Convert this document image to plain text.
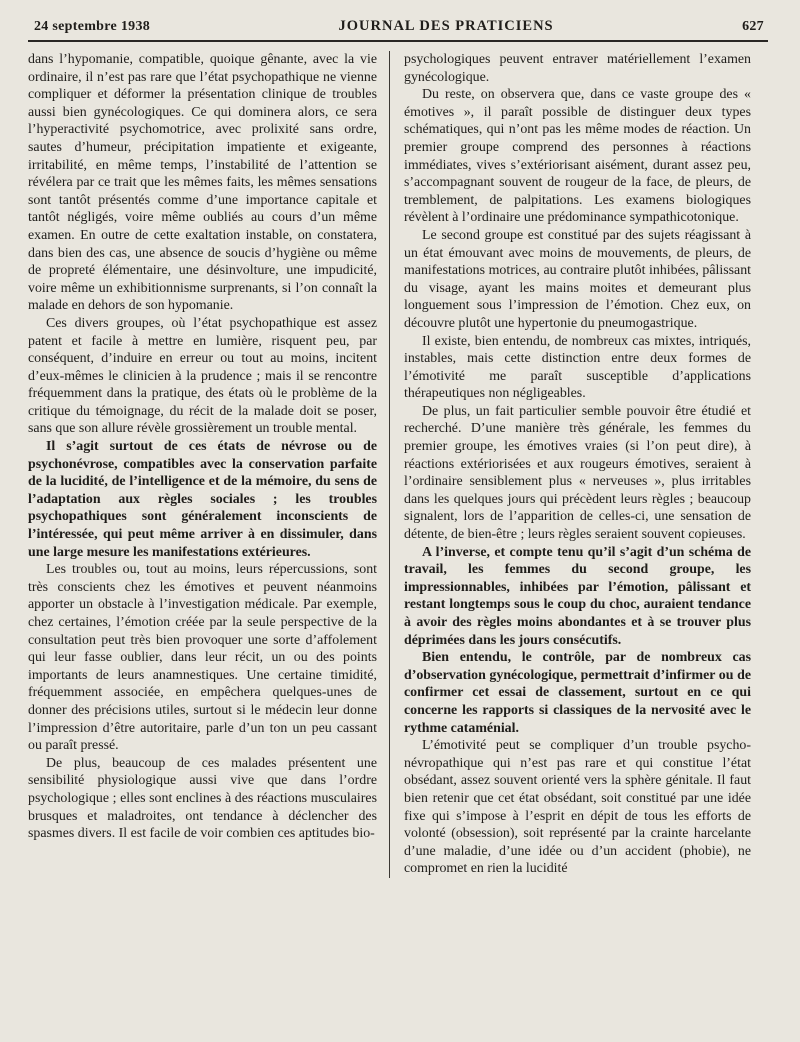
24 septembre 1938	JOURNAL DES PRATICIENS	627

dans l’hypomanie, compatible, quoique gênante, avec la vie ordinaire, il n’est pas rare que l’état psychopathique ne vienne compliquer et déformer la présentation clinique de troubles aussi bien gynécologiques. Ce qui dominera alors, ce sera l’hyperactivité psychomotrice, avec prolixité sans ordre, sautes d’humeur, précipitation impatiente et exigeante, irritabilité, en même temps, l’instabilité de l’attention se révélera par ce trait que les mêmes faits, les mêmes sensations sont tantôt présentés comme d’une importance capitale et tantôt négligés, voire même oubliés au cours d’un même examen. En outre de cette exaltation instable, on constatera, dans bien des cas, une absence de soucis d’hygiène ou même de propreté élémentaire, une désinvolture, une impudicité, voire même un exhibitionnisme surprenants, si l’on connaît la malade en dehors de son hypomanie.

Ces divers groupes, où l’état psychopathique est assez patent et facile à mettre en lumière, risquent peu, par conséquent, d’induire en erreur ou tout au moins, incitent d’eux-mêmes le clinicien à la prudence ; mais il se rencontre fréquemment dans la pratique, des états où le problème de la critique du témoignage, du récit de la malade doit se poser, sans que son allure révèle grossièrement un trouble mental.

Il s’agit surtout de ces états de névrose ou de psychonévrose, compatibles avec la conservation parfaite de la lucidité, de l’intelligence et de la mémoire, du sens de l’adaptation aux règles sociales ; les troubles psychopathiques sont généralement inconscients de l’intéressée, qui peut même arriver à en dissimuler, dans une large mesure les manifestations extérieures.

Les troubles ou, tout au moins, leurs répercussions, sont très conscients chez les émotives et peuvent néanmoins apporter un obstacle à l’investigation médicale. Par exemple, chez certaines, l’émotion créée par la seule perspective de la consultation peut très bien provoquer une sorte d’affolement qui leur fasse oublier, dans leur récit, un ou des points importants de leurs anamnestiques. Une certaine timidité, fréquemment associée, en empêchera quelques-unes de donner des précisions utiles, surtout si le médecin leur donne l’impression d’être autoritaire, parle d’un ton un peu cassant ou paraît pressé.

De plus, beaucoup de ces malades présentent une sensibilité physiologique aussi vive que dans l’ordre psychologique ; elles sont enclines à des réactions musculaires brusques et maladroites, ont tendance à déclencher des spasmes divers. Il est facile de voir combien ces aptitudes bio-

psychologiques peuvent entraver matériellement l’examen gynécologique.

Du reste, on observera que, dans ce vaste groupe des « émotives », il paraît possible de distinguer deux types schématiques, qui n’ont pas les même modes de réaction. Un premier groupe comprend des personnes à réactions immédiates, vives s’extériorisant aisément, durant assez peu, s’accompagnant souvent de rougeur de la face, de pleurs, de tremblement, de palpitations. Les examens biologiques révèlent à l’ordinaire une prédominance sympathicotonique.

Le second groupe est constitué par des sujets réagissant à un état émouvant avec moins de mouvements, de pleurs, de manifestations motrices, au contraire plutôt inhibées, pâlissant du visage, ayant les mains moites et demeurant plus longuement sous l’impression de l’émotion. Chez eux, on découvre plutôt une hypertonie du pneumogastrique.

Il existe, bien entendu, de nombreux cas mixtes, intriqués, instables, mais cette distinction entre deux formes de l’émotivité me paraît susceptible d’applications thérapeutiques non négligeables.

De plus, un fait particulier semble pouvoir être étudié et recherché. D’une manière très générale, les femmes du premier groupe, les émotives vraies (si l’on peut dire), à réactions extériorisées et aux rougeurs émotives, seraient à l’ordinaire sensiblement plus « nerveuses », plus irritables dans les quelques jours qui précèdent leurs règles ; beaucoup signalent, lors de l’apparition de celles-ci, une sensation de détente, de bien-être ; leurs règles seraient souvent copieuses.

A l’inverse, et compte tenu qu’il s’agit d’un schéma de travail, les femmes du second groupe, les impressionnables, inhibées par l’émotion, pâlissant et restant longtemps sous le coup du choc, auraient tendance à avoir des règles moins abondantes et à se trouver plus déprimées dans les jours consécutifs.

Bien entendu, le contrôle, par de nombreux cas d’observation gynécologique, permettrait d’infirmer ou de confirmer cet essai de classement, surtout en ce qui concerne les rapports si classiques de la nervosité avec le rythme cataménial.

L’émotivité peut se compliquer d’un trouble psycho-névropathique qui n’est pas rare et qui constitue l’état obsédant, assez souvent orienté vers la sphère génitale. Il faut bien retenir que cet état obsédant, soit constitué par une idée fixe qui s’impose à l’esprit en dépit de tous les efforts de volonté (obsession), soit représenté par la crainte harcelante d’une maladie, d’une idée ou d’un accident (phobie), ne compromet en rien la lucidité
